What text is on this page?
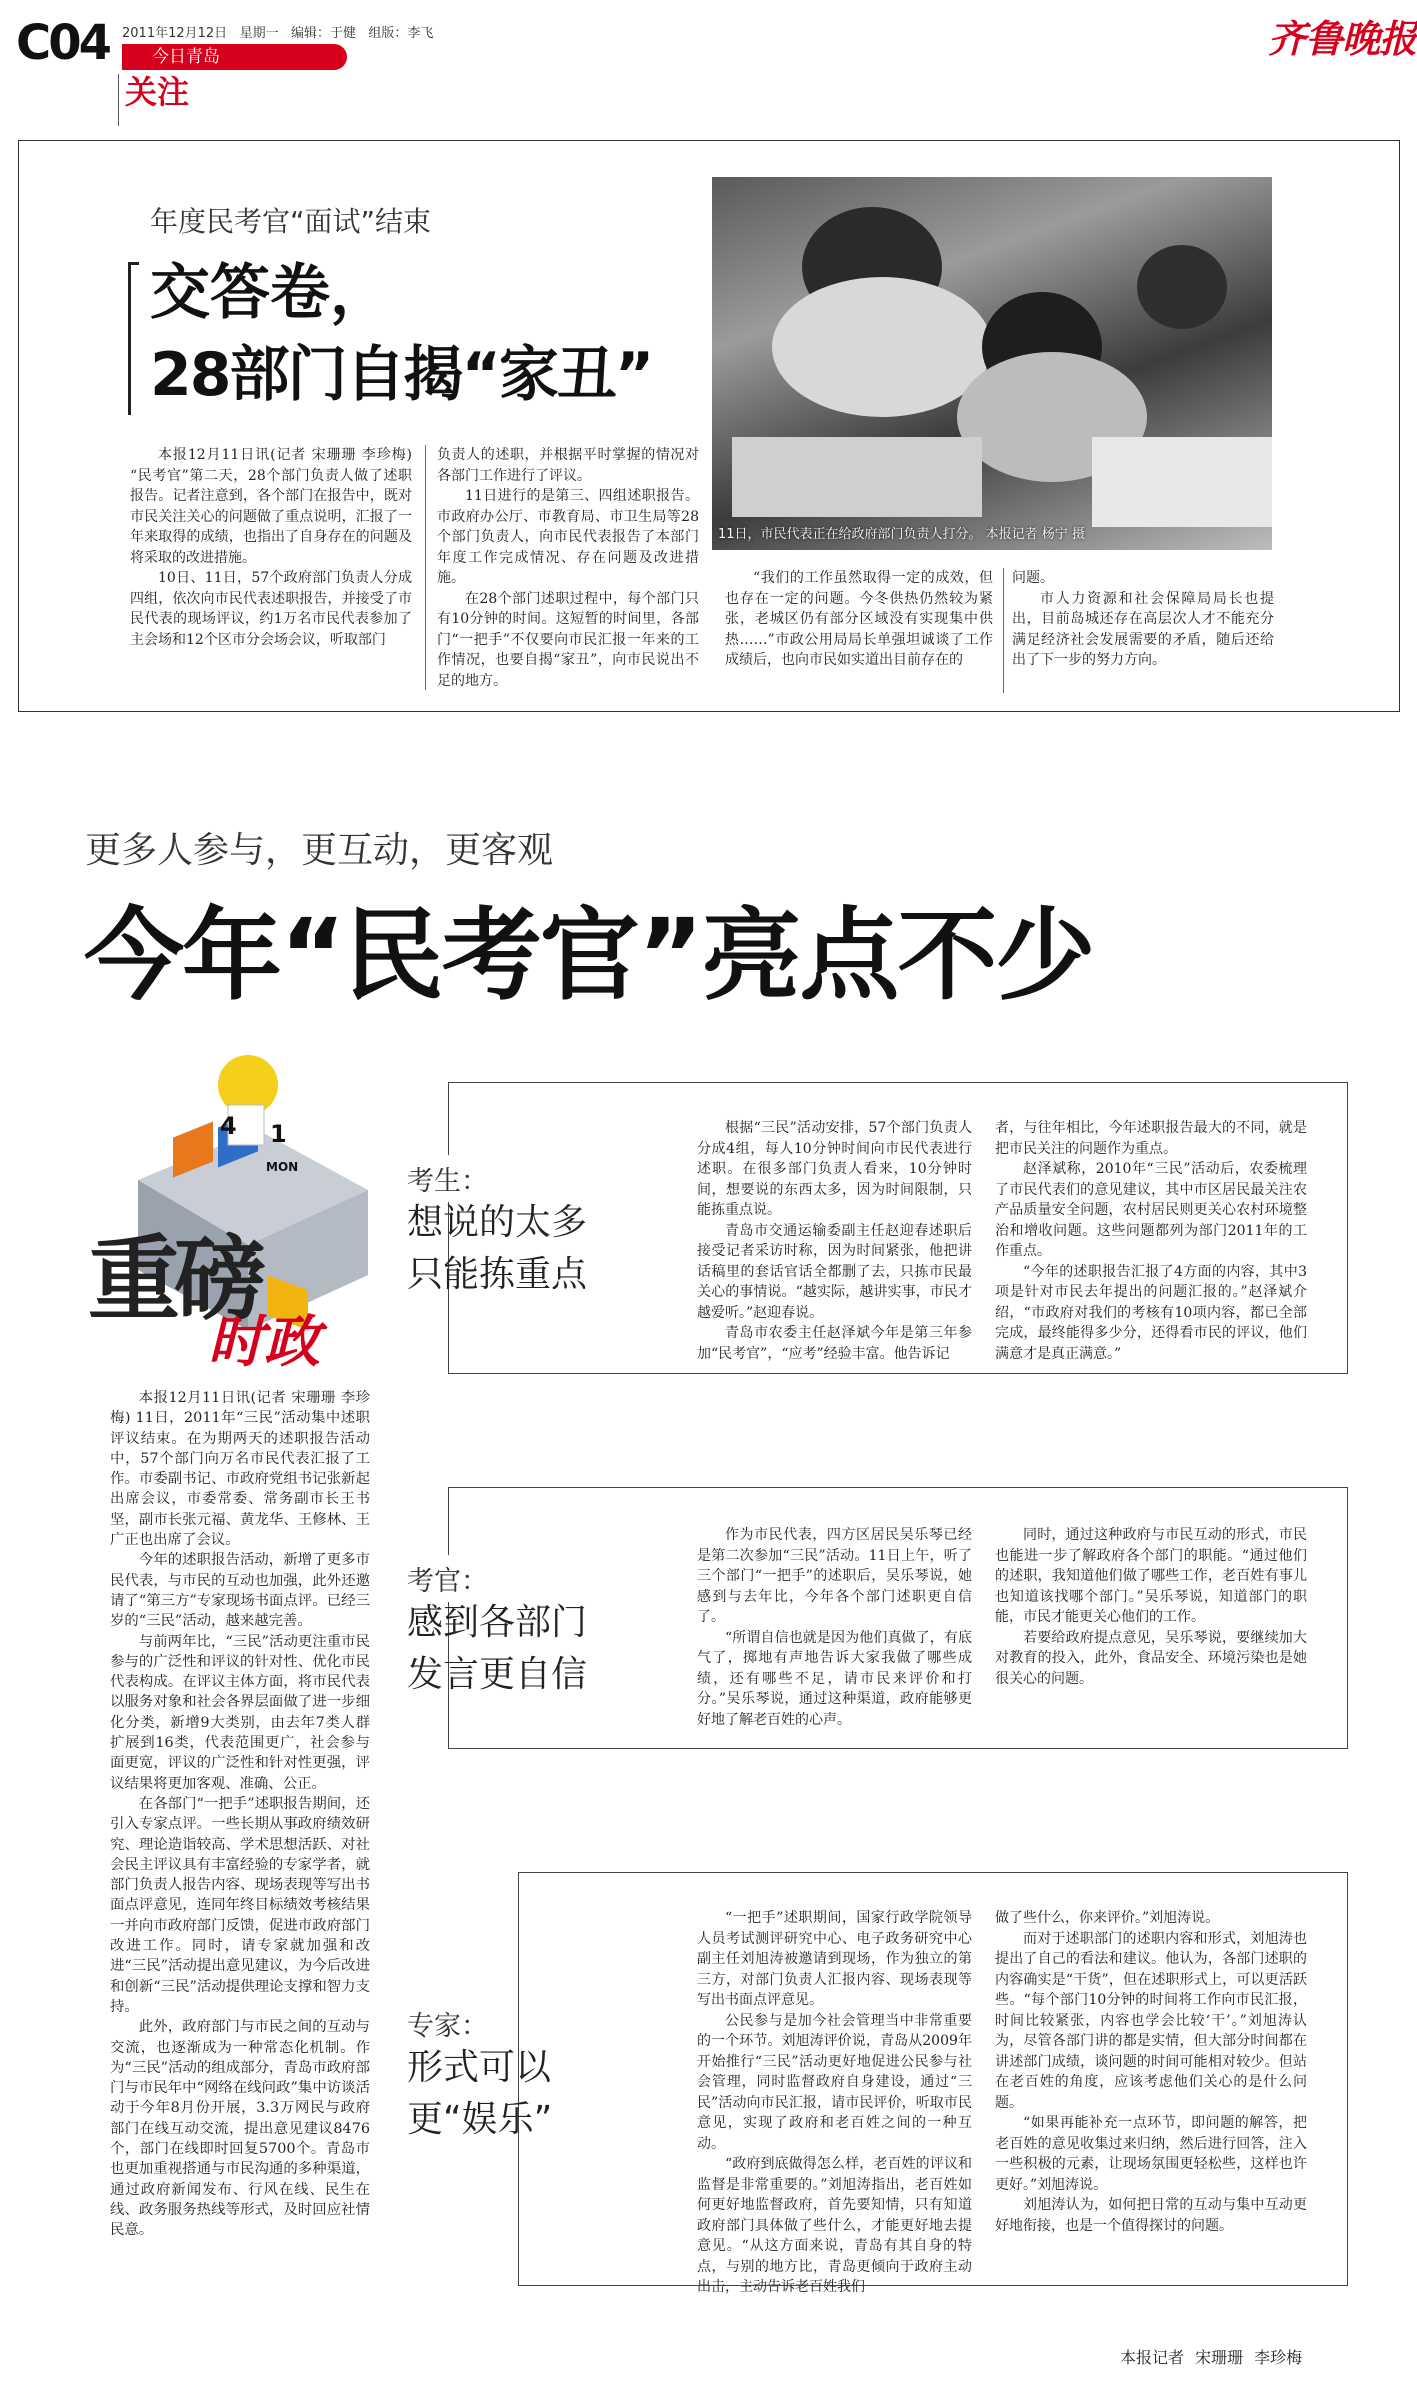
C04 2011年12月12日 星期一 编辑：于健 组版：李飞
今日青岛
关注
齐鲁晚报
年度民考官“面试”结束
交答卷，
28部门自揭“家丑”
11日，市民代表正在给政府部门负责人打分。 本报记者 杨宁 摄

本报12月11日讯(记者 宋珊珊 李珍梅) “民考官”第二天，28个部门负责人做了述职报告。记者注意到，各个部门在报告中，既对市民关注关心的问题做了重点说明，汇报了一年来取得的成绩，也指出了自身存在的问题及将采取的改进措施。

10日、11日，57个政府部门负责人分成四组，依次向市民代表述职报告，并接受了市民代表的现场评议，约1万名市民代表参加了主会场和12个区市分会场会议，听取部门

负责人的述职，并根据平时掌握的情况对各部门工作进行了评议。

11日进行的是第三、四组述职报告。市政府办公厅、市教育局、市卫生局等28个部门负责人，向市民代表报告了本部门年度工作完成情况、存在问题及改进措施。

在28个部门述职过程中，每个部门只有10分钟的时间。这短暂的时间里，各部门“一把手”不仅要向市民汇报一年来的工作情况，也要自揭“家丑”，向市民说出不足的地方。

“我们的工作虽然取得一定的成效，但也存在一定的问题。今冬供热仍然较为紧张，老城区仍有部分区域没有实现集中供热……”市政公用局局长单强坦诚谈了工作成绩后，也向市民如实道出目前存在的

问题。

市人力资源和社会保障局局长也提出，目前岛城还存在高层次人才不能充分满足经济社会发展需要的矛盾，随后还给出了下一步的努力方向。

更多人参与，更互动，更客观
今年“民考官”亮点不少
4 1
MON
重磅
时政

本报12月11日讯(记者 宋珊珊 李珍梅) 11日，2011年“三民”活动集中述职评议结束。在为期两天的述职报告活动中，57个部门向万名市民代表汇报了工作。市委副书记、市政府党组书记张新起出席会议，市委常委、常务副市长王书坚，副市长张元福、黄龙华、王修林、王广正也出席了会议。

今年的述职报告活动，新增了更多市民代表，与市民的互动也加强，此外还邀请了“第三方”专家现场书面点评。已经三岁的“三民”活动，越来越完善。

与前两年比，“三民”活动更注重市民参与的广泛性和评议的针对性、优化市民代表构成。在评议主体方面，将市民代表以服务对象和社会各界层面做了进一步细化分类，新增9大类别，由去年7类人群扩展到16类，代表范围更广，社会参与面更宽，评议的广泛性和针对性更强，评议结果将更加客观、准确、公正。

在各部门“一把手”述职报告期间，还引入专家点评。一些长期从事政府绩效研究、理论造诣较高、学术思想活跃、对社会民主评议具有丰富经验的专家学者，就部门负责人报告内容、现场表现等写出书面点评意见，连同年终目标绩效考核结果一并向市政府部门反馈，促进市政府部门改进工作。同时，请专家就加强和改进“三民”活动提出意见建议，为今后改进和创新“三民”活动提供理论支撑和智力支持。

此外，政府部门与市民之间的互动与交流，也逐渐成为一种常态化机制。作为“三民”活动的组成部分，青岛市政府部门与市民年中“网络在线问政”集中访谈活动于今年8月份开展，3.3万网民与政府部门在线互动交流，提出意见建议8476个，部门在线即时回复5700个。青岛市也更加重视搭通与市民沟通的多种渠道，通过政府新闻发布、行风在线、民生在线、政务服务热线等形式，及时回应社情民意。

考生：
想说的太多
只能拣重点

根据“三民”活动安排，57个部门负责人分成4组，每人10分钟时间向市民代表进行述职。在很多部门负责人看来，10分钟时间，想要说的东西太多，因为时间限制，只能拣重点说。

青岛市交通运输委副主任赵迎春述职后接受记者采访时称，因为时间紧张，他把讲话稿里的套话官话全都删了去，只拣市民最关心的事情说。“越实际，越讲实事，市民才越爱听。”赵迎春说。

青岛市农委主任赵泽斌今年是第三年参加“民考官”，“应考”经验丰富。他告诉记

者，与往年相比，今年述职报告最大的不同，就是把市民关注的问题作为重点。

赵泽斌称，2010年“三民”活动后，农委梳理了市民代表们的意见建议，其中市区居民最关注农产品质量安全问题，农村居民则更关心农村环境整治和增收问题。这些问题都列为部门2011年的工作重点。

“今年的述职报告汇报了4方面的内容，其中3项是针对市民去年提出的问题汇报的。”赵泽斌介绍，“市政府对我们的考核有10项内容，都已全部完成，最终能得多少分，还得看市民的评议，他们满意才是真正满意。”

考官：
感到各部门
发言更自信

作为市民代表，四方区居民吴乐琴已经是第二次参加“三民”活动。11日上午，听了三个部门“一把手”的述职后，吴乐琴说，她感到与去年比，今年各个部门述职更自信了。

“所谓自信也就是因为他们真做了，有底气了，掷地有声地告诉大家我做了哪些成绩，还有哪些不足，请市民来评价和打分。”吴乐琴说，通过这种渠道，政府能够更好地了解老百姓的心声。

同时，通过这种政府与市民互动的形式，市民也能进一步了解政府各个部门的职能。“通过他们的述职，我知道他们做了哪些工作，老百姓有事儿也知道该找哪个部门。”吴乐琴说，知道部门的职能，市民才能更关心他们的工作。

若要给政府提点意见，吴乐琴说，要继续加大对教育的投入，此外，食品安全、环境污染也是她很关心的问题。

专家：
形式可以
更“娱乐”

“一把手”述职期间，国家行政学院领导人员考试测评研究中心、电子政务研究中心副主任刘旭涛被邀请到现场，作为独立的第三方，对部门负责人汇报内容、现场表现等写出书面点评意见。

公民参与是加今社会管理当中非常重要的一个环节。刘旭涛评价说，青岛从2009年开始推行“三民”活动更好地促进公民参与社会管理，同时监督政府自身建设，通过“三民”活动向市民汇报，请市民评价，听取市民意见，实现了政府和老百姓之间的一种互动。

“政府到底做得怎么样，老百姓的评议和监督是非常重要的。”刘旭涛指出，老百姓如何更好地监督政府，首先要知情，只有知道政府部门具体做了些什么，才能更好地去提意见。“从这方面来说，青岛有其自身的特点，与别的地方比，青岛更倾向于政府主动出击，主动告诉老百姓我们

做了些什么，你来评价。”刘旭涛说。

而对于述职部门的述职内容和形式，刘旭涛也提出了自己的看法和建议。他认为，各部门述职的内容确实是“干货”，但在述职形式上，可以更活跃些。“每个部门10分钟的时间将工作向市民汇报，时间比较紧张，内容也学会比较‘干’。”刘旭涛认为，尽管各部门讲的都是实情，但大部分时间都在讲述部门成绩，谈问题的时间可能相对较少。但站在老百姓的角度，应该考虑他们关心的是什么问题。

“如果再能补充一点环节，即问题的解答，把老百姓的意见收集过来归纳，然后进行回答，注入一些积极的元素，让现场氛围更轻松些，这样也许更好。”刘旭涛说。

刘旭涛认为，如何把日常的互动与集中互动更好地衔接，也是一个值得探讨的问题。

本报记者 宋珊珊 李珍梅
